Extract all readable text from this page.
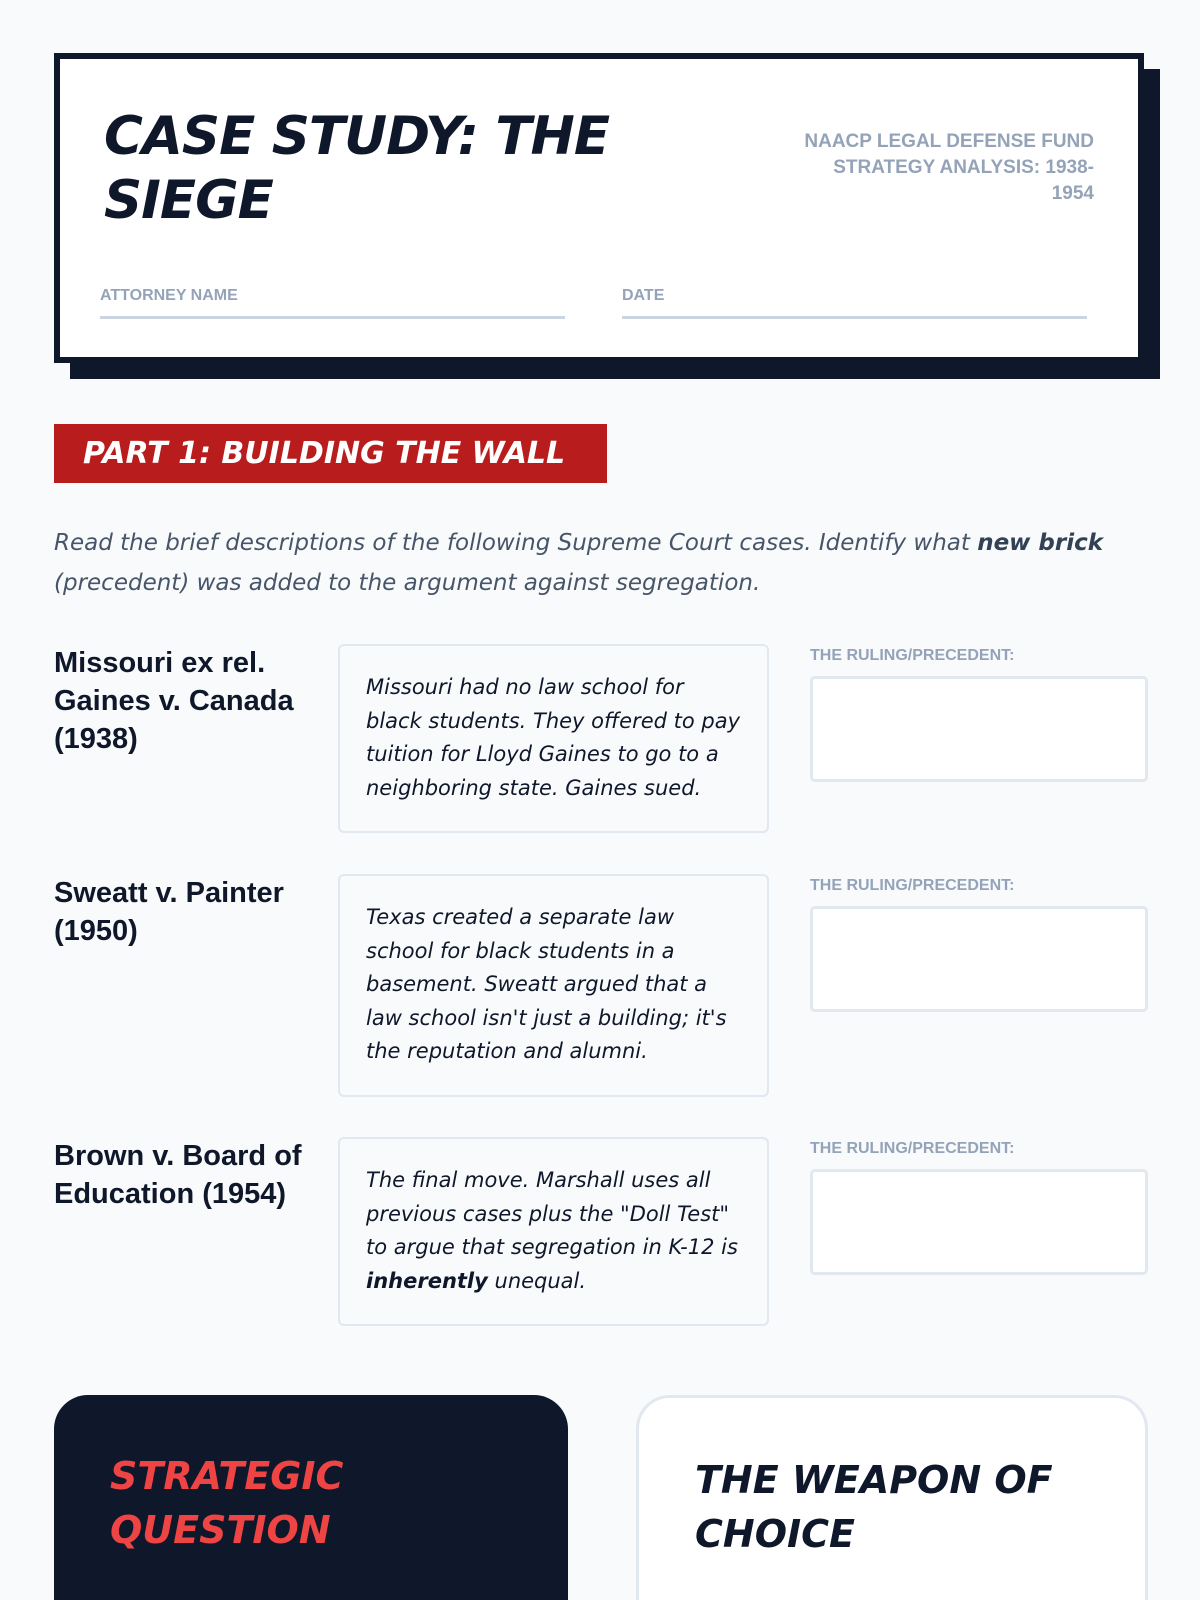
CASE STUDY: THE SIEGE
NAACP LEGAL DEFENSE FUND STRATEGY ANALYSIS: 1938-1954
ATTORNEY NAME	DATE
PART 1: BUILDING THE WALL

Read the brief descriptions of the following Supreme Court cases. Identify what new brick (precedent) was added to the argument against segregation.

Missouri ex rel. Gaines v. Canada (1938)
Missouri had no law school for black students. They offered to pay tuition for Lloyd Gaines to go to a neighboring state. Gaines sued.
THE RULING/PRECEDENT:
Sweatt v. Painter (1950)	Texas created a separate law school for black students in a basement. Sweatt argued that a law school isn't just a building; it's the reputation and alumni.
THE RULING/PRECEDENT:
Brown v. Board of Education (1954)	The final move. Marshall uses all previous cases plus the "Doll Test" to argue that segregation in K-12 is inherently unequal.
THE RULING/PRECEDENT:
STRATEGIC QUESTION
THE WEAPON OF CHOICE
